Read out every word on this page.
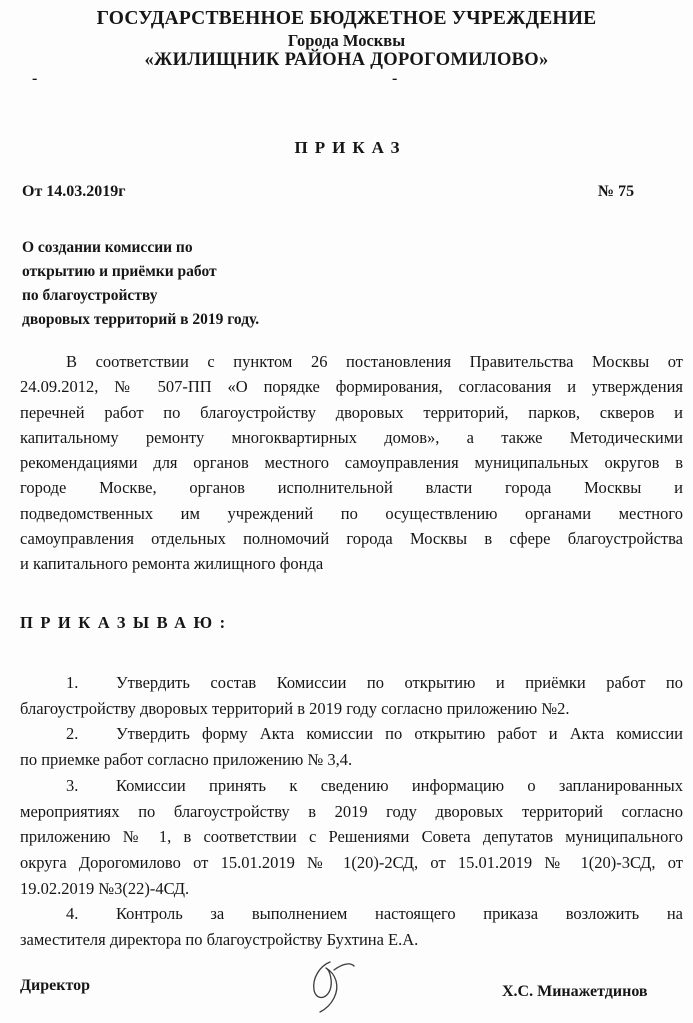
ГОСУДАРСТВЕННОЕ БЮДЖЕТНОЕ УЧРЕЖДЕНИЕ
Города Москвы
«ЖИЛИЩНИК РАЙОНА ДОРОГОМИЛОВО»
-	-
ПРИКАЗ
От 14.03.2019г	№ 75
О создании комиссии по
открытию и приёмки работ
по благоустройству
дворовых территорий в 2019 году.
В соответствии с пунктом 26 постановления Правительства Москвы от
24.09.2012, № 507-ПП «О порядке формирования, согласования и утверждения
перечней работ по благоустройству дворовых территорий, парков, скверов и
капитальному ремонту многоквартирных домов», а также Методическими
рекомендациями для органов местного самоуправления муниципальных округов в
городе Москве, органов исполнительной власти города Москвы и
подведомственных им учреждений по осуществлению органами местного
самоуправления отдельных полномочий города Москвы в сфере благоустройства
и капитального ремонта жилищного фонда
ПРИКАЗЫВАЮ:
1. Утвердить состав Комиссии по открытию и приёмки работ по
благоустройству дворовых территорий в 2019 году согласно приложению №2.
2. Утвердить форму Акта комиссии по открытию работ и Акта комиссии
по приемке работ согласно приложению № 3,4.
3. Комиссии принять к сведению информацию о запланированных
мероприятиях по благоустройству в 2019 году дворовых территорий согласно
приложению № 1, в соответствии с Решениями Совета депутатов муниципального
округа Дорогомилово от 15.01.2019 № 1(20)-2СД, от 15.01.2019 № 1(20)-3СД, от
19.02.2019 №3(22)-4СД.
4. Контроль за выполнением настоящего приказа возложить на
заместителя директора по благоустройству Бухтина Е.А.
Директор	Х.С. Минажетдинов
